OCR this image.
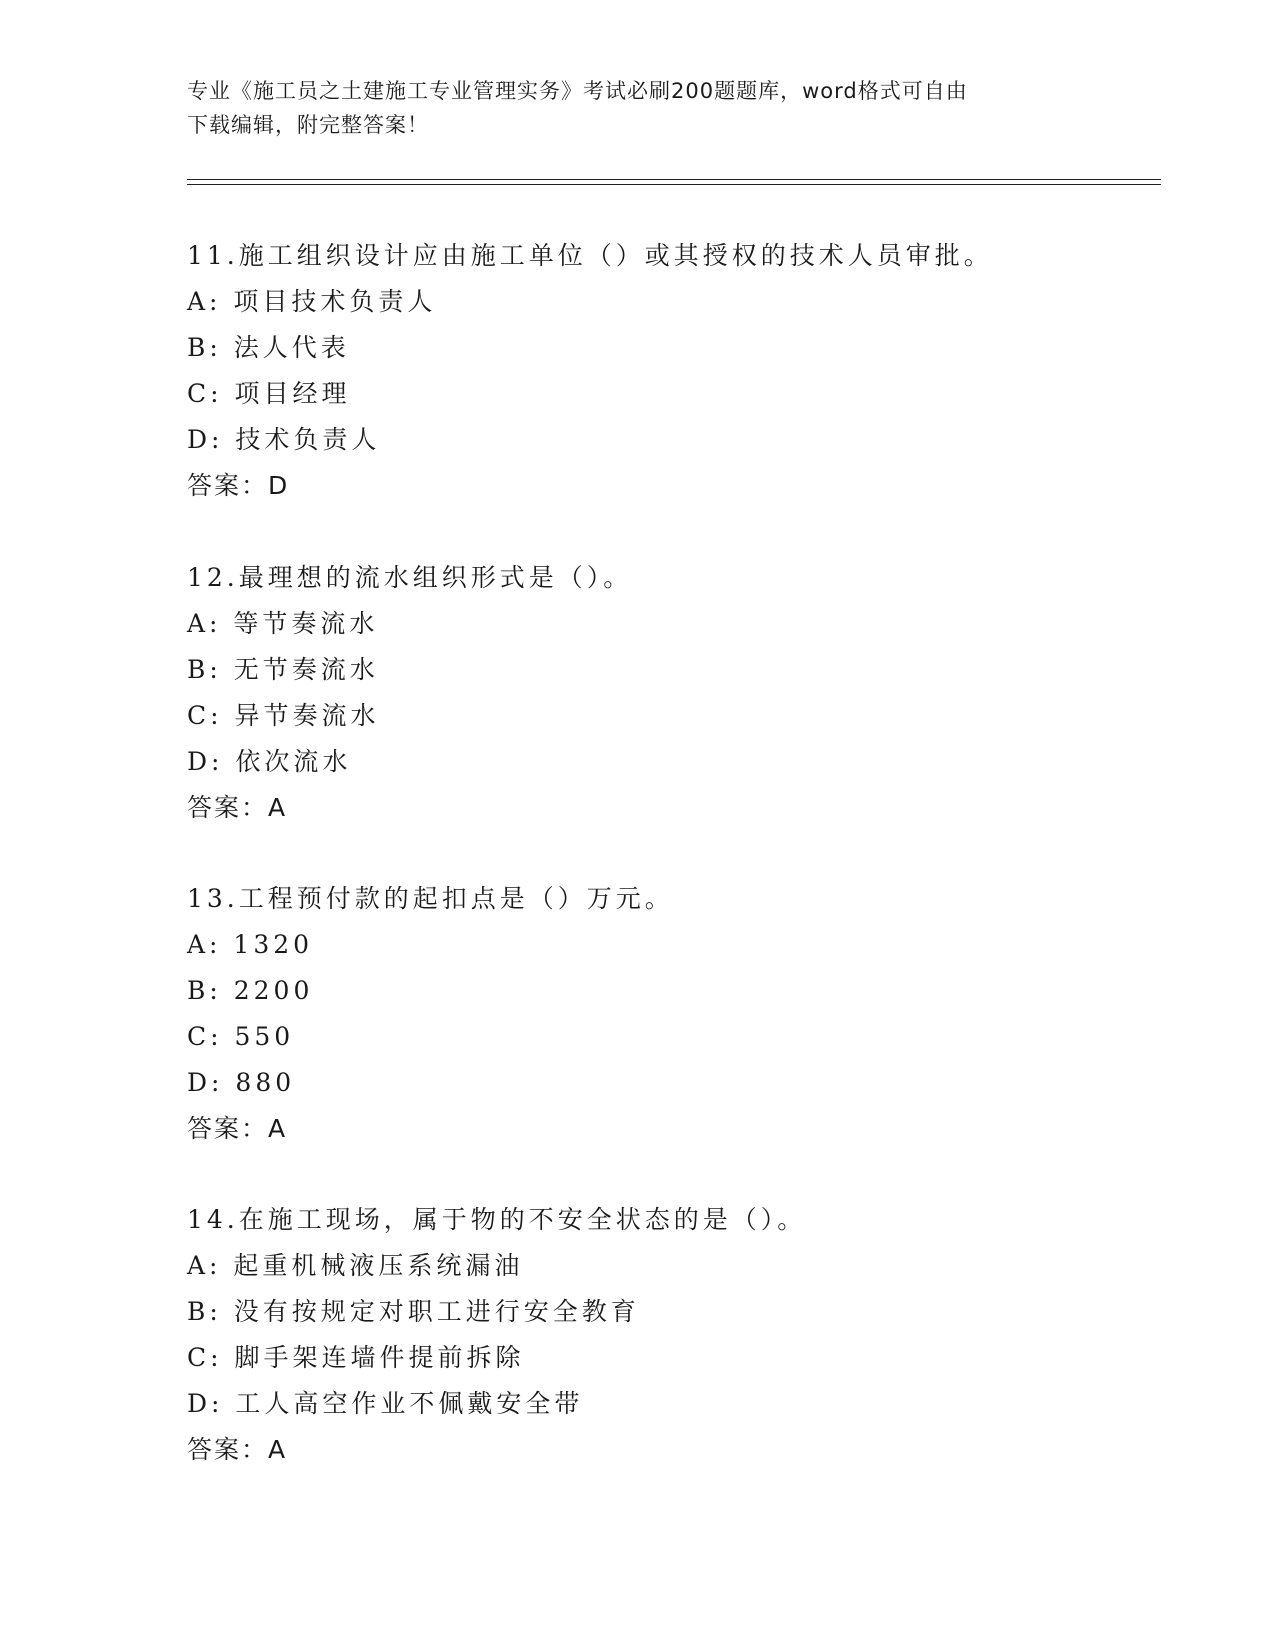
专业《施工员之土建施工专业管理实务》考试必刷200题题库，word格式可自由
下载编辑，附完整答案！
11.施工组织设计应由施工单位（）或其授权的技术人员审批。
A: 项目技术负责人
B: 法人代表
C: 项目经理
D: 技术负责人
答案：D
12.最理想的流水组织形式是（）。
A: 等节奏流水
B: 无节奏流水
C: 异节奏流水
D: 依次流水
答案：A
13.工程预付款的起扣点是（）万元。
A: 1320
B: 2200
C: 550
D: 880
答案：A
14.在施工现场，属于物的不安全状态的是（）。
A: 起重机械液压系统漏油
B: 没有按规定对职工进行安全教育
C: 脚手架连墙件提前拆除
D: 工人高空作业不佩戴安全带
答案：A
